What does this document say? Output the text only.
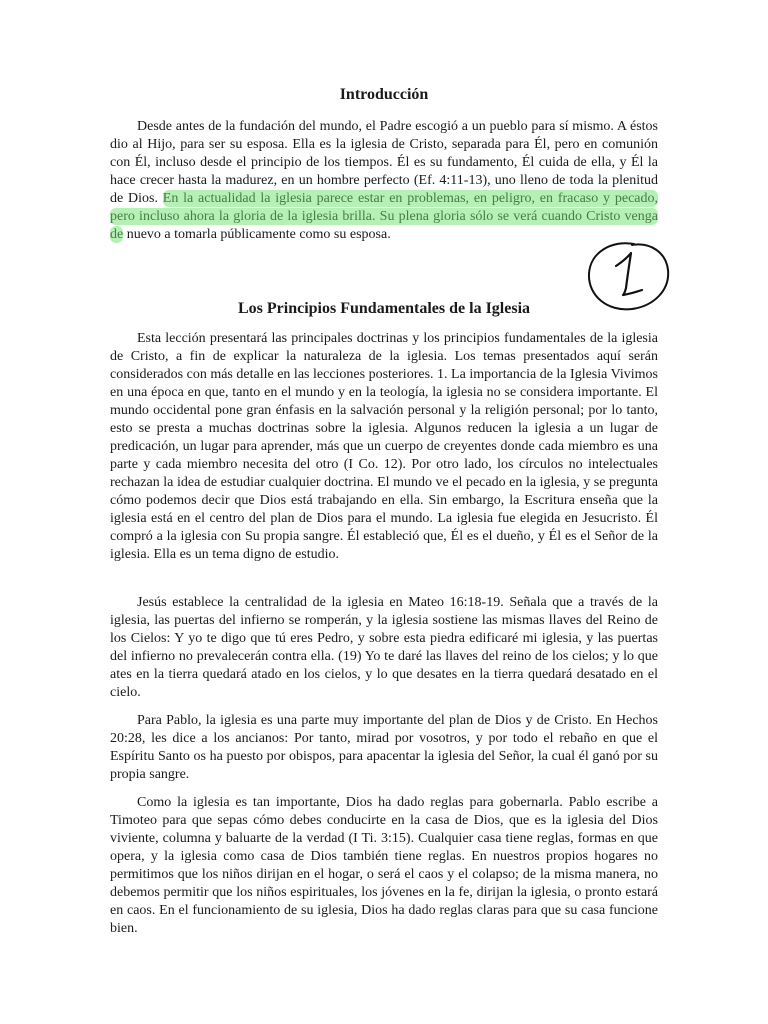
Introducción

Desde antes de la fundación del mundo, el Padre escogió a un pueblo para sí mismo. A éstos dio al Hijo, para ser su esposa. Ella es la iglesia de Cristo, separada para Él, pero en comunión con Él, incluso desde el principio de los tiempos. Él es su fundamento, Él cuida de ella, y Él la hace crecer hasta la madurez, en un hombre perfecto (Ef. 4:11-13), uno lleno de toda la plenitud de Dios. En la actualidad la iglesia parece estar en problemas, en peligro, en fracaso y pecado, pero incluso ahora la gloria de la iglesia brilla. Su plena gloria sólo se verá cuando Cristo venga de nuevo a tomarla públicamente como su esposa.	1
Los Principios Fundamentales de la Iglesia

Esta lección presentará las principales doctrinas y los principios fundamentales de la iglesia de Cristo, a fin de explicar la naturaleza de la iglesia. Los temas presentados aquí serán considerados con más detalle en las lecciones posteriores. 1. La importancia de la Iglesia Vivimos en una época en que, tanto en el mundo y en la teología, la iglesia no se considera importante. El mundo occidental pone gran énfasis en la salvación personal y la religión personal; por lo tanto, esto se presta a muchas doctrinas sobre la iglesia. Algunos reducen la iglesia a un lugar de predicación, un lugar para aprender, más que un cuerpo de creyentes donde cada miembro es una parte y cada miembro necesita del otro (I Co. 12). Por otro lado, los círculos no intelectuales rechazan la idea de estudiar cualquier doctrina. El mundo ve el pecado en la iglesia, y se pregunta cómo podemos decir que Dios está trabajando en ella. Sin embargo, la Escritura enseña que la iglesia está en el centro del plan de Dios para el mundo. La iglesia fue elegida en Jesucristo. Él compró a la iglesia con Su propia sangre. Él estableció que, Él es el dueño, y Él es el Señor de la iglesia. Ella es un tema digno de estudio.

Jesús establece la centralidad de la iglesia en Mateo 16:18-19. Señala que a través de la iglesia, las puertas del infierno se romperán, y la iglesia sostiene las mismas llaves del Reino de los Cielos: Y yo te digo que tú eres Pedro, y sobre esta piedra edificaré mi iglesia, y las puertas del infierno no prevalecerán contra ella. (19) Yo te daré las llaves del reino de los cielos; y lo que ates en la tierra quedará atado en los cielos, y lo que desates en la tierra quedará desatado en el cielo.

Para Pablo, la iglesia es una parte muy importante del plan de Dios y de Cristo. En Hechos 20:28, les dice a los ancianos: Por tanto, mirad por vosotros, y por todo el rebaño en que el Espíritu Santo os ha puesto por obispos, para apacentar la iglesia del Señor, la cual él ganó por su propia sangre.

Como la iglesia es tan importante, Dios ha dado reglas para gobernarla. Pablo escribe a Timoteo para que sepas cómo debes conducirte en la casa de Dios, que es la iglesia del Dios viviente, columna y baluarte de la verdad (I Ti. 3:15). Cualquier casa tiene reglas, formas en que opera, y la iglesia como casa de Dios también tiene reglas. En nuestros propios hogares no permitimos que los niños dirijan en el hogar, o será el caos y el colapso; de la misma manera, no debemos permitir que los niños espirituales, los jóvenes en la fe, dirijan la iglesia, o pronto estará en caos. En el funcionamiento de su iglesia, Dios ha dado reglas claras para que su casa funcione bien.
